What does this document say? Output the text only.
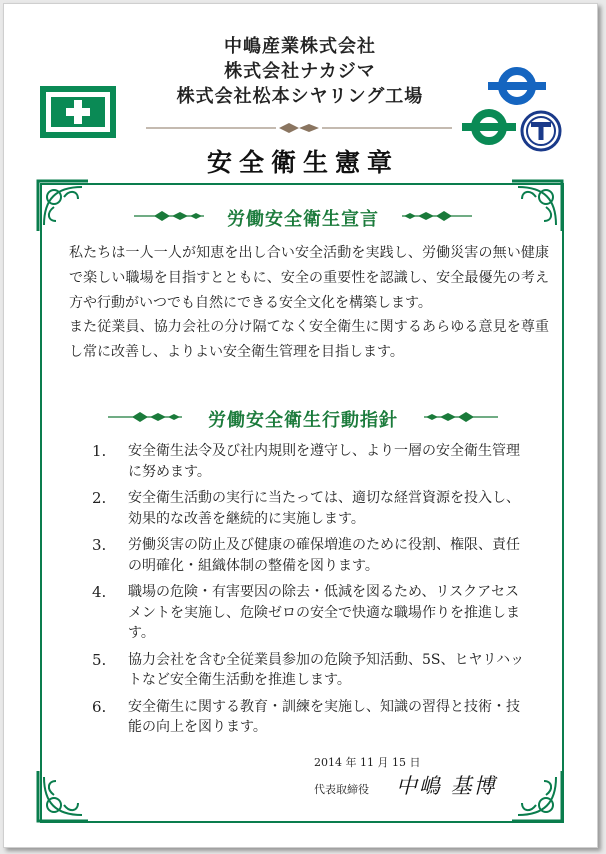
中嶋産業株式会社
株式会社ナカジマ
株式会社松本シヤリング工場
安全衛生憲章
労働安全衛生宣言

私たちは一人一人が知恵を出し合い安全活動を実践し、労働災害の無い健康で楽しい職場を目指すとともに、安全の重要性を認識し、安全最優先の考え方や行動がいつでも自然にできる安全文化を構築します。

また従業員、協力会社の分け隔てなく安全衛生に関するあらゆる意見を尊重し常に改善し、よりよい安全衛生管理を目指します。

労働安全衛生行動指針
1.	安全衛生法令及び社内規則を遵守し、より一層の安全衛生管理に努めます。
2.	安全衛生活動の実行に当たっては、適切な経営資源を投入し、効果的な改善を継続的に実施します。
3.	労働災害の防止及び健康の確保増進のために役割、権限、責任の明確化・組織体制の整備を図ります。
4.	職場の危険・有害要因の除去・低減を図るため、リスクアセスメントを実施し、危険ゼロの安全で快適な職場作りを推進します。
5.	協力会社を含む全従業員参加の危険予知活動、5S、ヒヤリハットなど安全衛生活動を推進します。
6.	安全衛生に関する教育・訓練を実施し、知識の習得と技術・技能の向上を図ります。
2014 年 11 月 15 日
代表取締役 中嶋 基博
